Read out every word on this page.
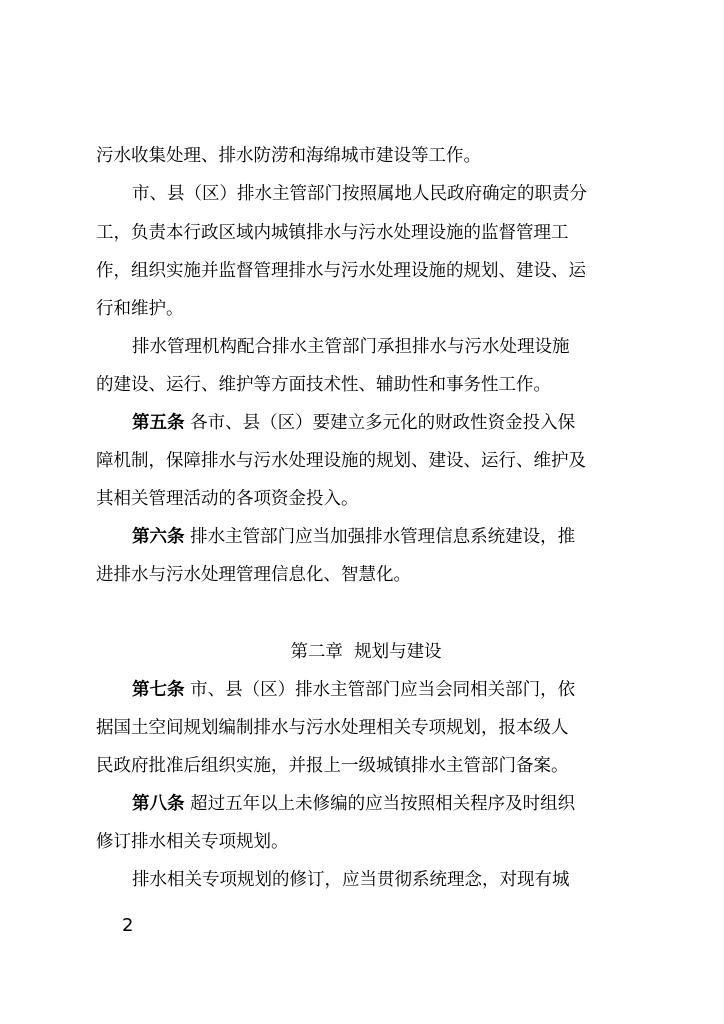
污水收集处理、排水防涝和海绵城市建设等工作。
市、县（区）排水主管部门按照属地人民政府确定的职责分
工，负责本行政区域内城镇排水与污水处理设施的监督管理工
作，组织实施并监督管理排水与污水处理设施的规划、建设、运
行和维护。
排水管理机构配合排水主管部门承担排水与污水处理设施
的建设、运行、维护等方面技术性、辅助性和事务性工作。
第五条 各市、县（区）要建立多元化的财政性资金投入保
障机制，保障排水与污水处理设施的规划、建设、运行、维护及
其相关管理活动的各项资金投入。
第六条 排水主管部门应当加强排水管理信息系统建设，推
进排水与污水处理管理信息化、智慧化。
第二章  规划与建设
第七条 市、县（区）排水主管部门应当会同相关部门，依
据国土空间规划编制排水与污水处理相关专项规划，报本级人
民政府批准后组织实施，并报上一级城镇排水主管部门备案。
第八条 超过五年以上未修编的应当按照相关程序及时组织
修订排水相关专项规划。
排水相关专项规划的修订，应当贯彻系统理念，对现有城
2
